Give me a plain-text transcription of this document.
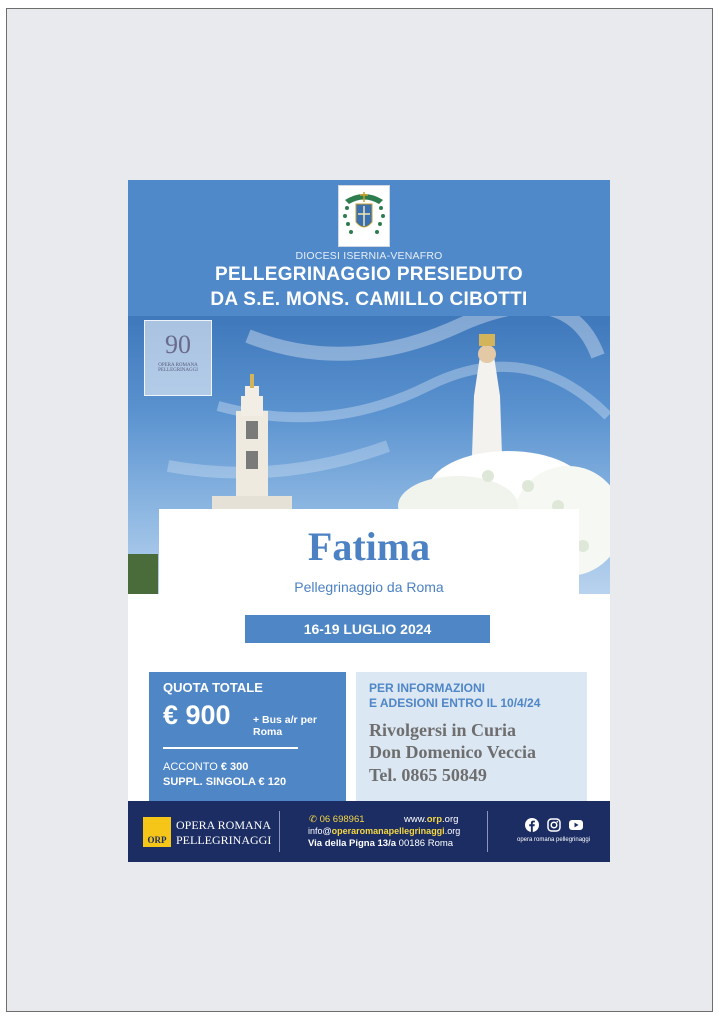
DIOCESI ISERNIA-VENAFRO
PELLEGRINAGGIO PRESIEDUTO
DA S.E. MONS. CAMILLO CIBOTTI
90
OPERA ROMANA PELLEGRINAGGI
Fatima
Pellegrinaggio da Roma
16-19 LUGLIO 2024
QUOTA TOTALE
€ 900 + Bus a/r per Roma
ACCONTO € 300
SUPPL. SINGOLA € 120
PER INFORMAZIONI
E ADESIONI ENTRO IL 10/4/24
Rivolgersi in Curia
Don Domenico Veccia
Tel. 0865 50849
ORP
OPERA ROMANA
PELLEGRINAGGI
✆ 06 698961	www.orp.org
info@operaromanapellegrinaggi.org
Via della Pigna 13/a 00186 Roma	opera romana pellegrinaggi
